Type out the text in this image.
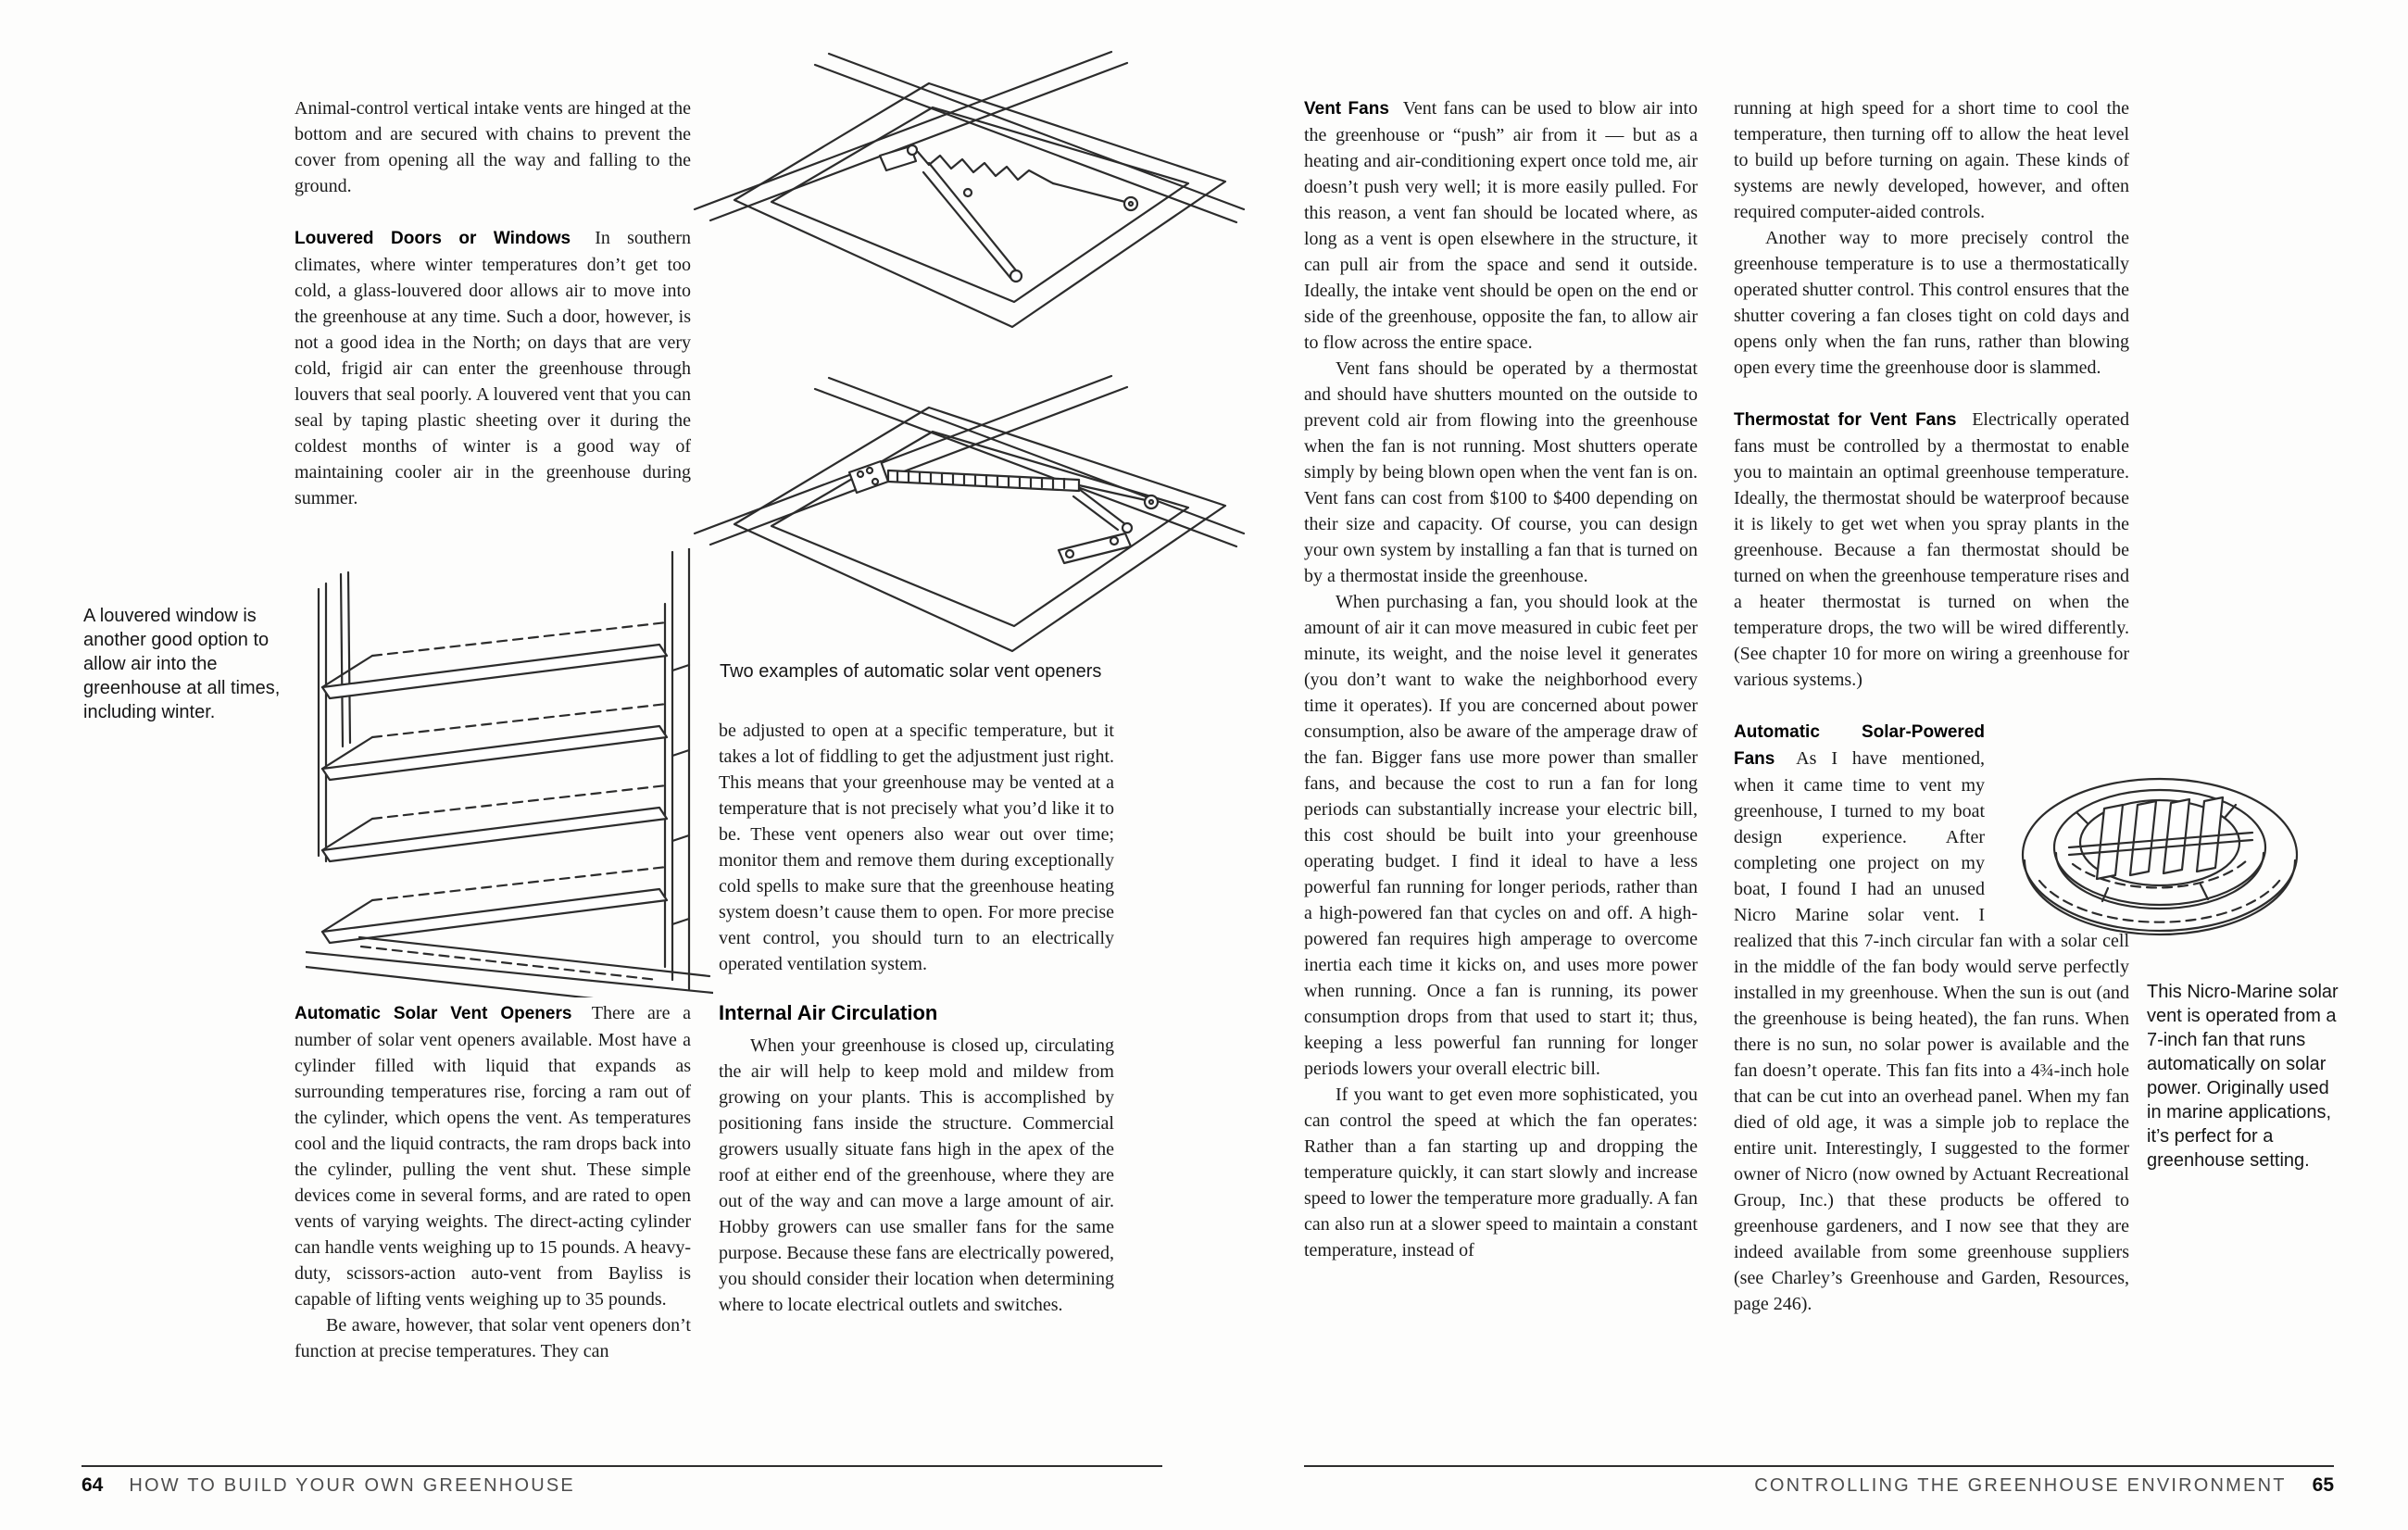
Animal-control vertical intake vents are hinged at the bottom and are secured with chains to prevent the cover from opening all the way and falling to the ground.

Louvered Doors or Windows In southern climates, where winter temperatures don’t get too cold, a glass-louvered door allows air to move into the greenhouse at any time. Such a door, however, is not a good idea in the North; on days that are very cold, frigid air can enter the greenhouse through louvers that seal poorly. A louvered vent that you can seal by taping plastic sheeting over it during the coldest months of winter is a good way of maintaining cooler air in the greenhouse during summer.

A louvered window is another good option to allow air into the greenhouse at all times, including winter.

Automatic Solar Vent Openers There are a number of solar vent openers available. Most have a cylinder filled with liquid that expands as surrounding temperatures rise, forcing a ram out of the cylinder, which opens the vent. As temperatures cool and the liquid contracts, the ram drops back into the cylinder, pulling the vent shut. These simple devices come in several forms, and are rated to open vents of varying weights. The direct-acting cylinder can handle vents weighing up to 15 pounds. A heavy-duty, scissors-action auto-vent from Bayliss is capable of lifting vents weighing up to 35 pounds.

Be aware, however, that solar vent openers don’t function at precise temperatures. They can

Two examples of automatic solar vent openers

be adjusted to open at a specific temperature, but it takes a lot of fiddling to get the adjustment just right. This means that your greenhouse may be vented at a temperature that is not precisely what you’d like it to be. These vent openers also wear out over time; monitor them and remove them during exceptionally cold spells to make sure that the greenhouse heating system doesn’t cause them to open. For more precise vent control, you should turn to an electrically operated ventilation system.

Internal Air Circulation

When your greenhouse is closed up, circulating the air will help to keep mold and mildew from growing on your plants. This is accomplished by positioning fans inside the structure. Commercial growers usually situate fans high in the apex of the roof at either end of the greenhouse, where they are out of the way and can move a large amount of air. Hobby growers can use smaller fans for the same purpose. Because these fans are electrically powered, you should consider their location when determining where to locate electrical outlets and switches.

64 HOW TO BUILD YOUR OWN GREENHOUSE

Vent Fans Vent fans can be used to blow air into the greenhouse or “push” air from it — but as a heating and air-conditioning expert once told me, air doesn’t push very well; it is more easily pulled. For this reason, a vent fan should be located where, as long as a vent is open elsewhere in the structure, it can pull air from the space and send it outside. Ideally, the intake vent should be open on the end or side of the greenhouse, opposite the fan, to allow air to flow across the entire space.

Vent fans should be operated by a thermostat and should have shutters mounted on the outside to prevent cold air from flowing into the greenhouse when the fan is not running. Most shutters operate simply by being blown open when the vent fan is on. Vent fans can cost from $100 to $400 depending on their size and capacity. Of course, you can design your own system by installing a fan that is turned on by a thermostat inside the greenhouse.

When purchasing a fan, you should look at the amount of air it can move measured in cubic feet per minute, its weight, and the noise level it generates (you don’t want to wake the neighborhood every time it operates). If you are concerned about power consumption, also be aware of the amperage draw of the fan. Bigger fans use more power than smaller fans, and because the cost to run a fan for long periods can substantially increase your electric bill, this cost should be built into your greenhouse operating budget. I find it ideal to have a less powerful fan running for longer periods, rather than a high-powered fan that cycles on and off. A high-powered fan requires high amperage to overcome inertia each time it kicks on, and uses more power when running. Once a fan is running, its power consumption drops from that used to start it; thus, keeping a less powerful fan running for longer periods lowers your overall electric bill.

If you want to get even more sophisticated, you can control the speed at which the fan operates: Rather than a fan starting up and dropping the temperature quickly, it can start slowly and increase speed to lower the temperature more gradually. A fan can also run at a slower speed to maintain a constant temperature, instead of

running at high speed for a short time to cool the temperature, then turning off to allow the heat level to build up before turning on again. These kinds of systems are newly developed, however, and often required computer-aided controls.

Another way to more precisely control the greenhouse temperature is to use a thermostatically operated shutter control. This control ensures that the shutter covering a fan closes tight on cold days and opens only when the fan runs, rather than blowing open every time the greenhouse door is slammed.

Thermostat for Vent Fans Electrically operated fans must be controlled by a thermostat to enable you to maintain an optimal greenhouse temperature. Ideally, the thermostat should be waterproof because it is likely to get wet when you spray plants in the greenhouse. Because a fan thermostat should be turned on when the greenhouse temperature rises and a heater thermostat is turned on when the temperature drops, the two will be wired differently. (See chapter 10 for more on wiring a greenhouse for various systems.)

Automatic Solar-Powered Fans As I have mentioned, when it came time to vent my greenhouse, I turned to my boat design experience. After completing one project on my boat, I found I had an unused Nicro Marine solar vent. I realized that this 7-inch circular fan with a solar cell in the middle of the fan body would serve perfectly installed in my greenhouse. When the sun is out (and the greenhouse is being heated), the fan runs. When there is no sun, no solar power is available and the fan doesn’t operate. This fan fits into a 4¾-inch hole that can be cut into an overhead panel. When my fan died of old age, it was a simple job to replace the entire unit. Interestingly, I suggested to the former owner of Nicro (now owned by Actuant Recreational Group, Inc.) that these products be offered to greenhouse gardeners, and I now see that they are indeed available from some greenhouse suppliers (see Charley’s Greenhouse and Garden, Resources, page 246).

This Nicro-Marine solar vent is operated from a 7-inch fan that runs automatically on solar power. Originally used in marine applications, it’s perfect for a greenhouse setting.
CONTROLLING THE GREENHOUSE ENVIRONMENT 65
